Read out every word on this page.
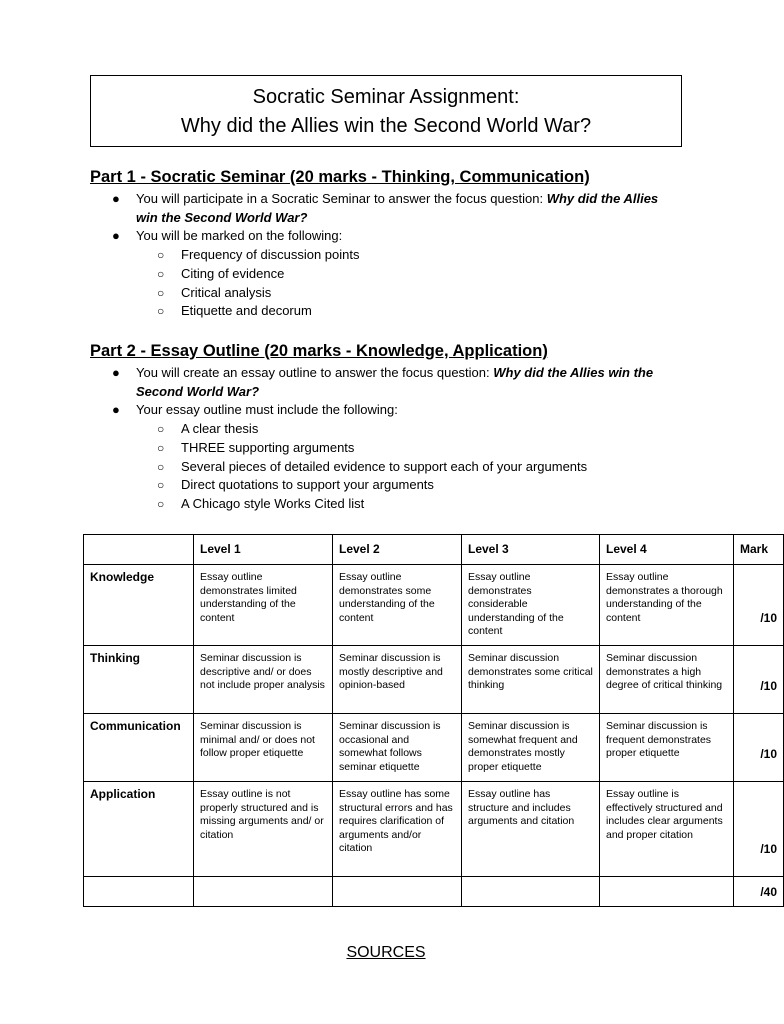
Socratic Seminar Assignment:
Why did the Allies win the Second World War?
Part 1 - Socratic Seminar (20 marks - Thinking, Communication)
● You will participate in a Socratic Seminar to answer the focus question: Why did the Allies win the Second World War?
● You will be marked on the following:
○ Frequency of discussion points
○ Citing of evidence
○ Critical analysis
○ Etiquette and decorum
Part 2 - Essay Outline (20 marks - Knowledge, Application)
● You will create an essay outline to answer the focus question: Why did the Allies win the Second World War?
● Your essay outline must include the following:
○ A clear thesis
○ THREE supporting arguments
○ Several pieces of detailed evidence to support each of your arguments
○ Direct quotations to support your arguments
○ A Chicago style Works Cited list
	Level 1	Level 2	Level 3	Level 4	Mark
Knowledge	Essay outline demonstrates limited understanding of the content	Essay outline demonstrates some understanding of the content	Essay outline demonstrates considerable understanding of the content	Essay outline demonstrates a thorough understanding of the content	/10
Thinking	Seminar discussion is descriptive and/ or does not include proper analysis	Seminar discussion is mostly descriptive and opinion-based	Seminar discussion demonstrates some critical thinking	Seminar discussion demonstrates a high degree of critical thinking	/10
Communication	Seminar discussion is minimal and/ or does not follow proper etiquette	Seminar discussion is occasional and somewhat follows seminar etiquette	Seminar discussion is somewhat frequent and demonstrates mostly proper etiquette	Seminar discussion is frequent demonstrates proper etiquette	/10
Application	Essay outline is not properly structured and is missing arguments and/ or citation	Essay outline has some structural errors and has requires clarification of arguments and/or citation	Essay outline has structure and includes arguments and citation	Essay outline is effectively structured and includes clear arguments and proper citation	/10
					/40
SOURCES
